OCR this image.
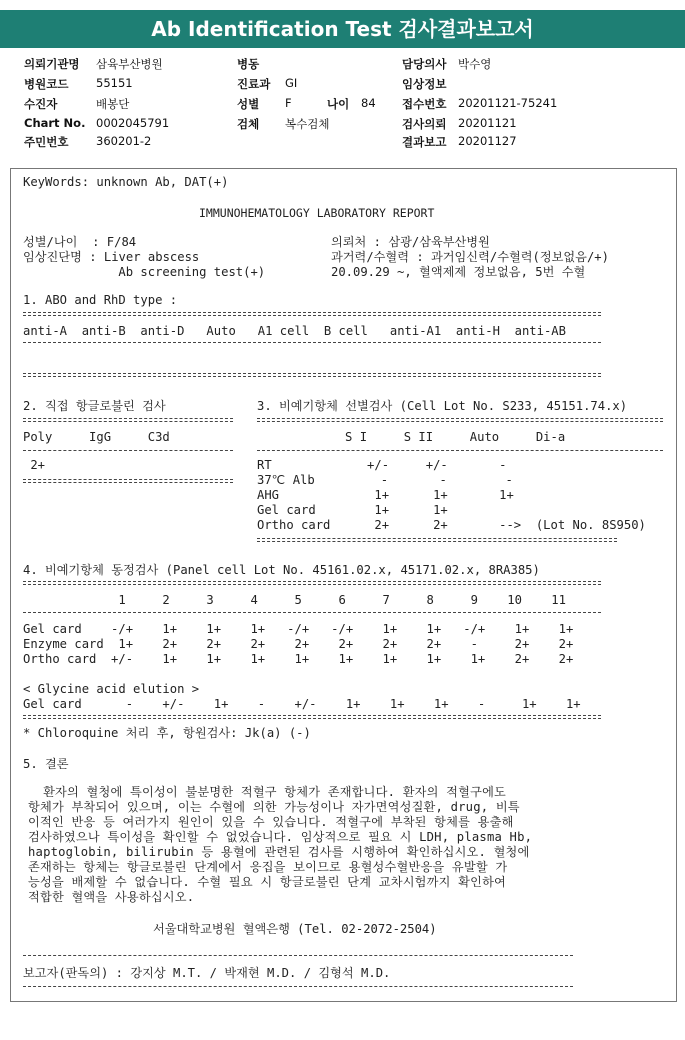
Ab Identification Test 검사결과보고서
의뢰기관명 삼육부산병원
병원코드 55151
수진자	배봉단
Chart No. 0002045791
주민번호 360201-2
병동
진료과 GI
성별 F	나이 84
검체 복수검체
담당의사 박수영
임상정보
접수번호 20201121-75241
검사의뢰 20201121
결과보고 20201127
KeyWords: unknown Ab, DAT(+)
IMMUNOHEMATOLOGY LABORATORY REPORT
성별/나이  : F/84
임상진단명 : Liver abscess
Ab screening test(+)
의뢰처 : 삼광/삼육부산병원
과거력/수혈력 : 과거임신력/수혈력(정보없음/+)
20.09.29 ~, 혈액제제 정보없음, 5번 수혈
1. ABO and RhD type :
anti-A  anti-B  anti-D   Auto   A1 cell  B cell   anti-A1  anti-H  anti-AB
2. 직접 항글로불린 검사
Poly     IgG     C3d
2+
3. 비예기항체 선별검사 (Cell Lot No. S233, 45151.74.x)
S I     S II     Auto     Di-a
RT             +/-     +/-       -
37℃ Alb         -       -        -
AHG             1+      1+       1+
Gel card        1+      1+
Ortho card      2+      2+       -->  (Lot No. 8S950)
4. 비예기항체 동정검사 (Panel cell Lot No. 45161.02.x, 45171.02.x, 8RA385)
1     2     3     4     5     6     7     8     9    10    11
Gel card    -/+    1+    1+    1+   -/+   -/+    1+    1+   -/+    1+    1+
Enzyme card  1+    2+    2+    2+    2+    2+    2+    2+    -     2+    2+
Ortho card  +/-    1+    1+    1+    1+    1+    1+    1+    1+    2+    2+
< Glycine acid elution >
Gel card      -    +/-    1+    -    +/-    1+    1+    1+    -     1+    1+
* Chloroquine 처리 후, 항원검사: Jk(a) (-)
5. 결론
환자의 혈청에 특이성이 불분명한 적혈구 항체가 존재합니다. 환자의 적혈구에도
항체가 부착되어 있으며, 이는 수혈에 의한 가능성이나 자가면역성질환, drug, 비특
이적인 반응 등 여러가지 원인이 있을 수 있습니다. 적혈구에 부착된 항체를 용출해
검사하였으나 특이성을 확인할 수 없었습니다. 임상적으로 필요 시 LDH, plasma Hb,
haptoglobin, bilirubin 등 용혈에 관련된 검사를 시행하여 확인하십시오. 혈청에
존재하는 항체는 항글로불린 단계에서 응집을 보이므로 용혈성수혈반응을 유발할 가
능성을 배제할 수 없습니다. 수혈 필요 시 항글로불린 단계 교차시험까지 확인하여
적합한 혈액을 사용하십시오.
서울대학교병원 혈액은행 (Tel. 02-2072-2504)
보고자(판독의) : 강지상 M.T. / 박재현 M.D. / 김형석 M.D.
